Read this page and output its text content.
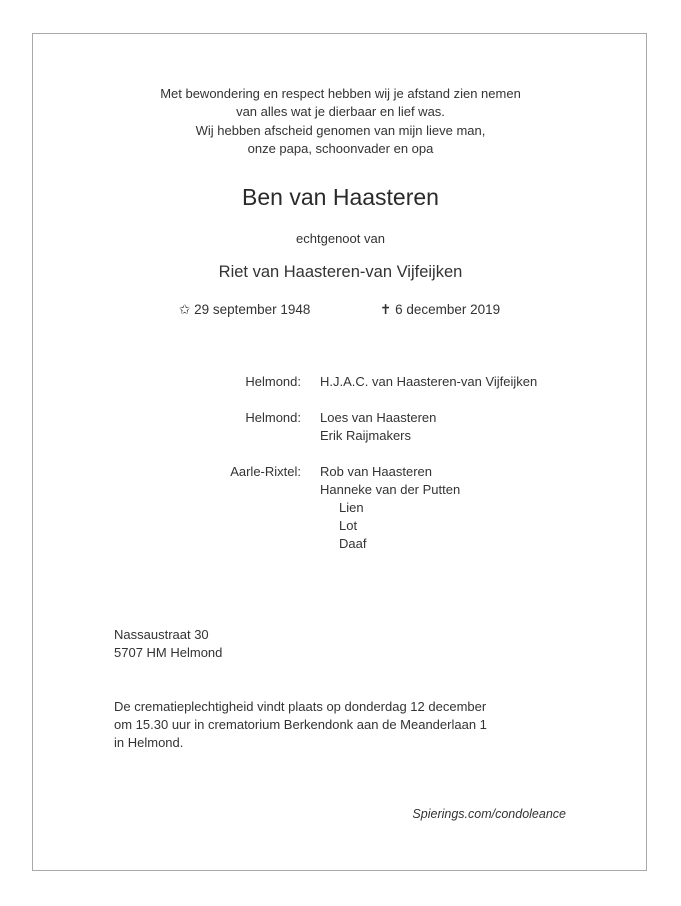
Met bewondering en respect hebben wij je afstand zien nemen
van alles wat je dierbaar en lief was.
Wij hebben afscheid genomen van mijn lieve man,
onze papa, schoonvader en opa
Ben van Haasteren
echtgenoot van
Riet van Haasteren-van Vijfeijken
✩ 29 september 1948	✝ 6 december 2019
Helmond: H.J.A.C. van Haasteren-van Vijfeijken
Helmond: Loes van Haasteren
Erik Raijmakers
Aarle-Rixtel: Rob van Haasteren
Hanneke van der Putten
Lien
Lot
Daaf
Nassaustraat 30
5707 HM Helmond
De crematieplechtigheid vindt plaats op donderdag 12 december
om 15.30 uur in crematorium Berkendonk aan de Meanderlaan 1
in Helmond.
Spierings.com/condoleance
